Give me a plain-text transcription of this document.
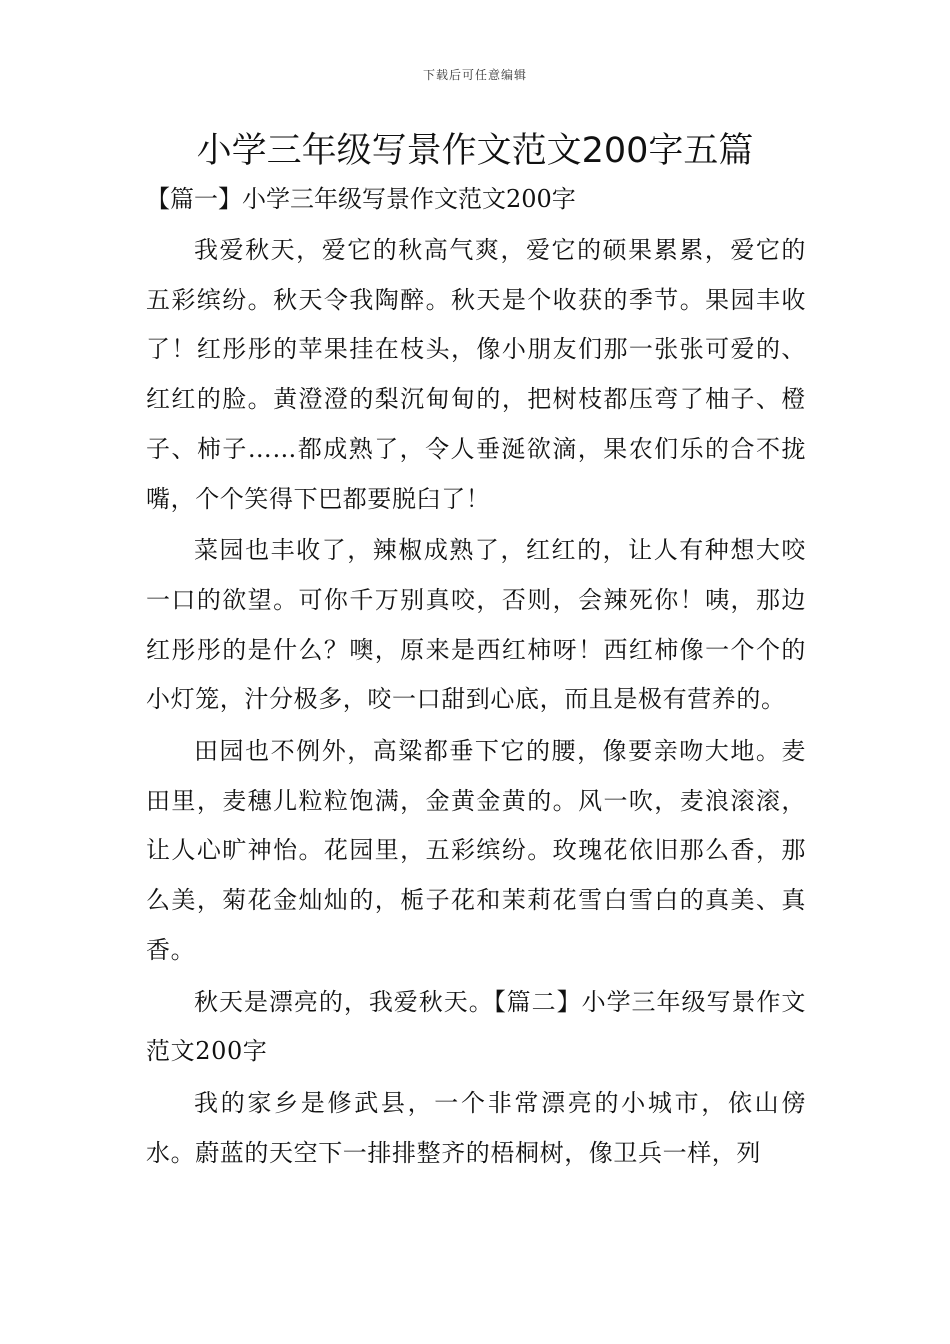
下载后可任意编辑
小学三年级写景作文范文200字五篇
【篇一】小学三年级写景作文范文200字

我爱秋天，爱它的秋高气爽，爱它的硕果累累，爱它的五彩缤纷。秋天令我陶醉。秋天是个收获的季节。果园丰收了！红彤彤的苹果挂在枝头，像小朋友们那一张张可爱的、红红的脸。黄澄澄的梨沉甸甸的，把树枝都压弯了柚子、橙子、柿子……都成熟了，令人垂涎欲滴，果农们乐的合不拢嘴，个个笑得下巴都要脱臼了！

菜园也丰收了，辣椒成熟了，红红的，让人有种想大咬一口的欲望。可你千万别真咬，否则，会辣死你！咦，那边红彤彤的是什么？噢，原来是西红柿呀！西红柿像一个个的小灯笼，汁分极多，咬一口甜到心底，而且是极有营养的。

田园也不例外，高粱都垂下它的腰，像要亲吻大地。麦田里，麦穗儿粒粒饱满，金黄金黄的。风一吹，麦浪滚滚，让人心旷神怡。花园里，五彩缤纷。玫瑰花依旧那么香，那么美，菊花金灿灿的，栀子花和茉莉花雪白雪白的真美、真香。

秋天是漂亮的，我爱秋天。【篇二】小学三年级写景作文范文200字

我的家乡是修武县，一个非常漂亮的小城市，依山傍水。蔚蓝的天空下一排排整齐的梧桐树，像卫兵一样，列
